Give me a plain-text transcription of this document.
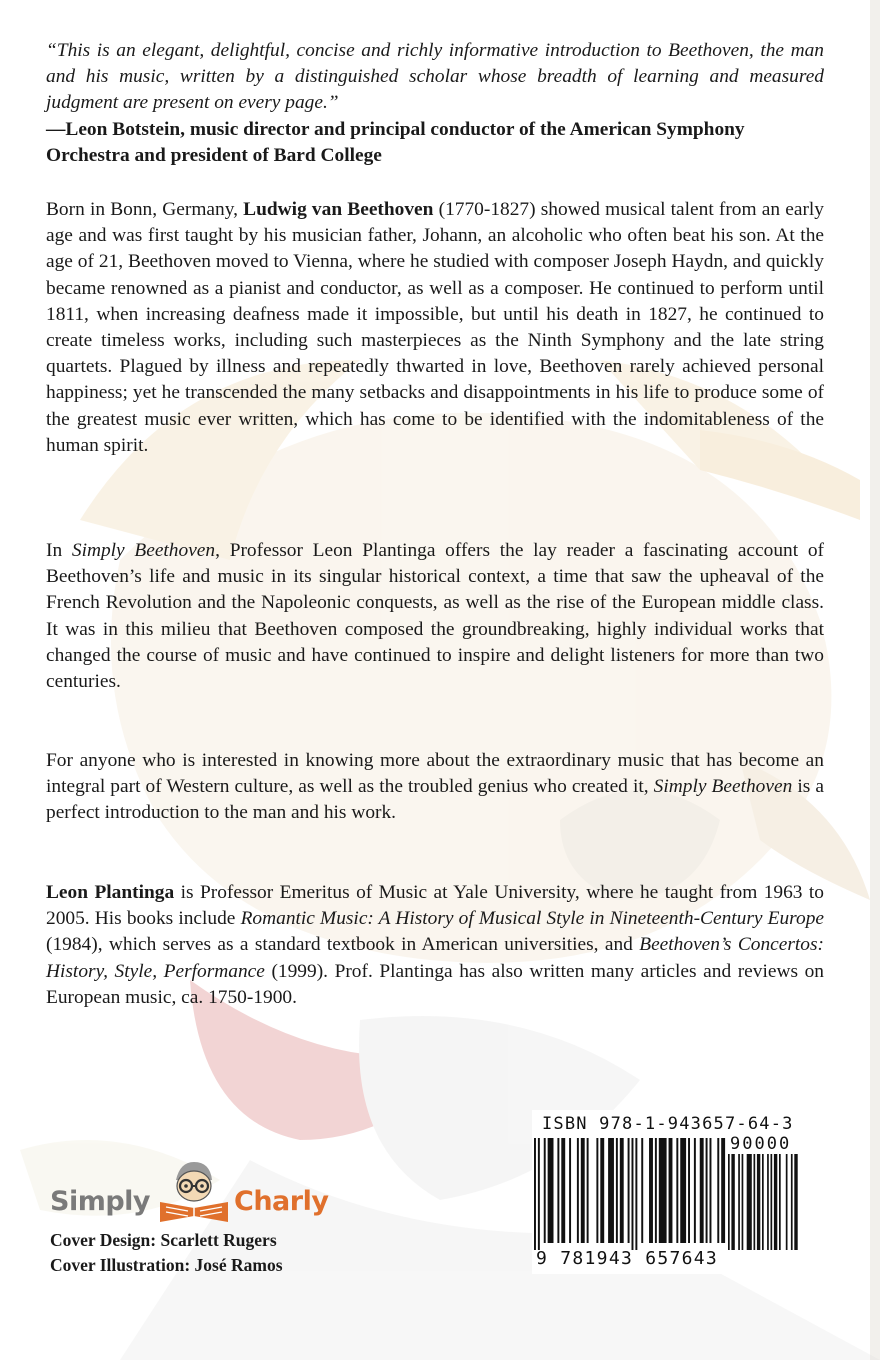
“This is an elegant, delightful, concise and richly informative introduction to Beethoven, the man and his music, written by a distinguished scholar whose breadth of learning and measured judgment are present on every page.”
—Leon Botstein, music director and principal conductor of the American Symphony Orchestra and president of Bard College
Born in Bonn, Germany, Ludwig van Beethoven (1770-1827) showed musical talent from an early age and was first taught by his musician father, Johann, an alcoholic who often beat his son. At the age of 21, Beethoven moved to Vienna, where he studied with composer Joseph Haydn, and quickly became renowned as a pianist and conductor, as well as a composer. He continued to perform until 1811, when increasing deafness made it impossible, but until his death in 1827, he continued to create timeless works, including such masterpieces as the Ninth Symphony and the late string quartets. Plagued by illness and repeatedly thwarted in love, Beethoven rarely achieved personal happiness; yet he transcended the many setbacks and disappointments in his life to produce some of the greatest music ever written, which has come to be identified with the indomitableness of the human spirit.
In Simply Beethoven, Professor Leon Plantinga offers the lay reader a fascinating account of Beethoven’s life and music in its singular historical context, a time that saw the upheaval of the French Revolution and the Napoleonic conquests, as well as the rise of the European middle class. It was in this milieu that Beethoven composed the groundbreaking, highly individual works that changed the course of music and have continued to inspire and delight listeners for more than two centuries.
For anyone who is interested in knowing more about the extraordinary music that has become an integral part of Western culture, as well as the troubled genius who created it, Simply Beethoven is a perfect introduction to the man and his work.
Leon Plantinga is Professor Emeritus of Music at Yale University, where he taught from 1963 to 2005. His books include Romantic Music: A History of Musical Style in Nineteenth-Century Europe (1984), which serves as a standard textbook in American universities, and Beethoven’s Concertos: History, Style, Performance (1999). Prof. Plantinga has also written many articles and reviews on European music, ca. 1750-1900.
Simply	Charly
Cover Design: Scarlett Rugers
Cover Illustration: José Ramos
ISBN 978-1-943657-64-3
90000
9 781943 657643
